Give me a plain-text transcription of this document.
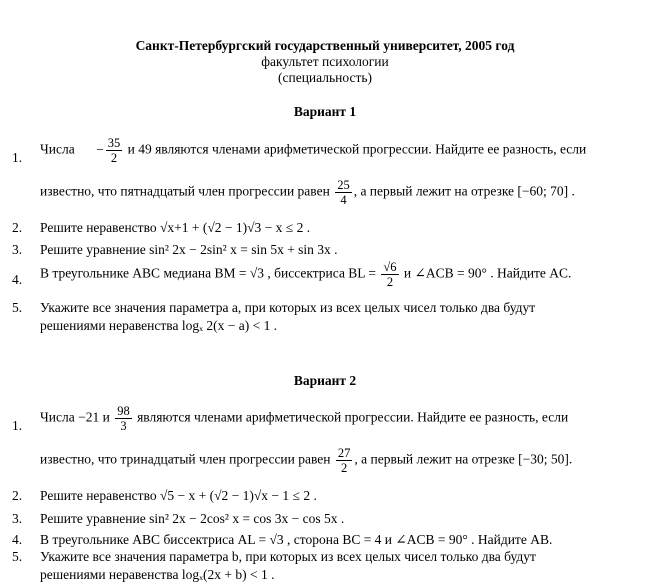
Санкт-Петербургский государственный университет, 2005 год
факультет психологии
(специальность)
Вариант 1
1.
Числа − $\frac{35}{2}$ и 49 являются членами арифметической прогрессии. Найдите ее разность, если
известно, что пятнадцатый член прогрессии равен $\frac{25}{4}$ , а первый лежит на отрезке [−60; 70] .
2. Решите неравенство √x+1 + (√2 − 1)√3 − x ≤ 2 .
3. Решите уравнение sin² 2x − 2sin² x = sin 5x + sin 3x .
4. В треугольнике ABC медиана BM = √3 , биссектриса BL = $\frac{√6}{2}$ и ∠ACB = 90° . Найдите AC.
5. Укажите все значения параметра a, при которых из всех целых чисел только два будут
решениями неравенства logₓ 2(x − a) < 1 .
Вариант 2
1.
Числа −21 и $\frac{98}{3}$ являются членами арифметической прогрессии. Найдите ее разность, если
известно, что тринадцатый член прогрессии равен $\frac{27}{2}$ , а первый лежит на отрезке [−30; 50].
2. Решите неравенство √5 − x + (√2 − 1)√x − 1 ≤ 2 .
3. Решите уравнение sin² 2x − 2cos² x = cos 3x − cos 5x .
4. В треугольнике ABC биссектриса AL = √3 , сторона BC = 4 и ∠ACB = 90° . Найдите AB.
5. Укажите все значения параметра b, при которых из всех целых чисел только два будут
решениями неравенства logₓ(2x + b) < 1 .
